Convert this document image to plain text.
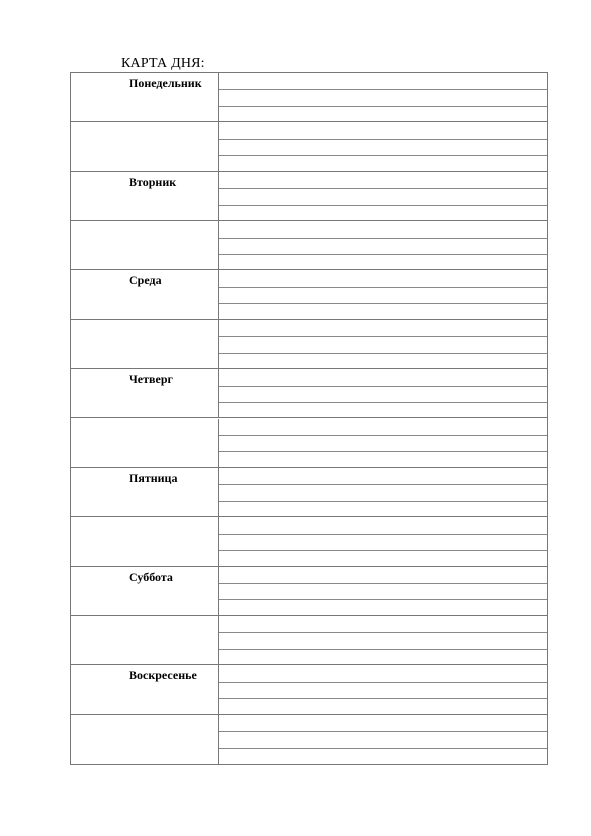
КАРТА ДНЯ:
Понедельник
Вторник
Среда
Четверг
Пятница
Суббота
Воскресенье
